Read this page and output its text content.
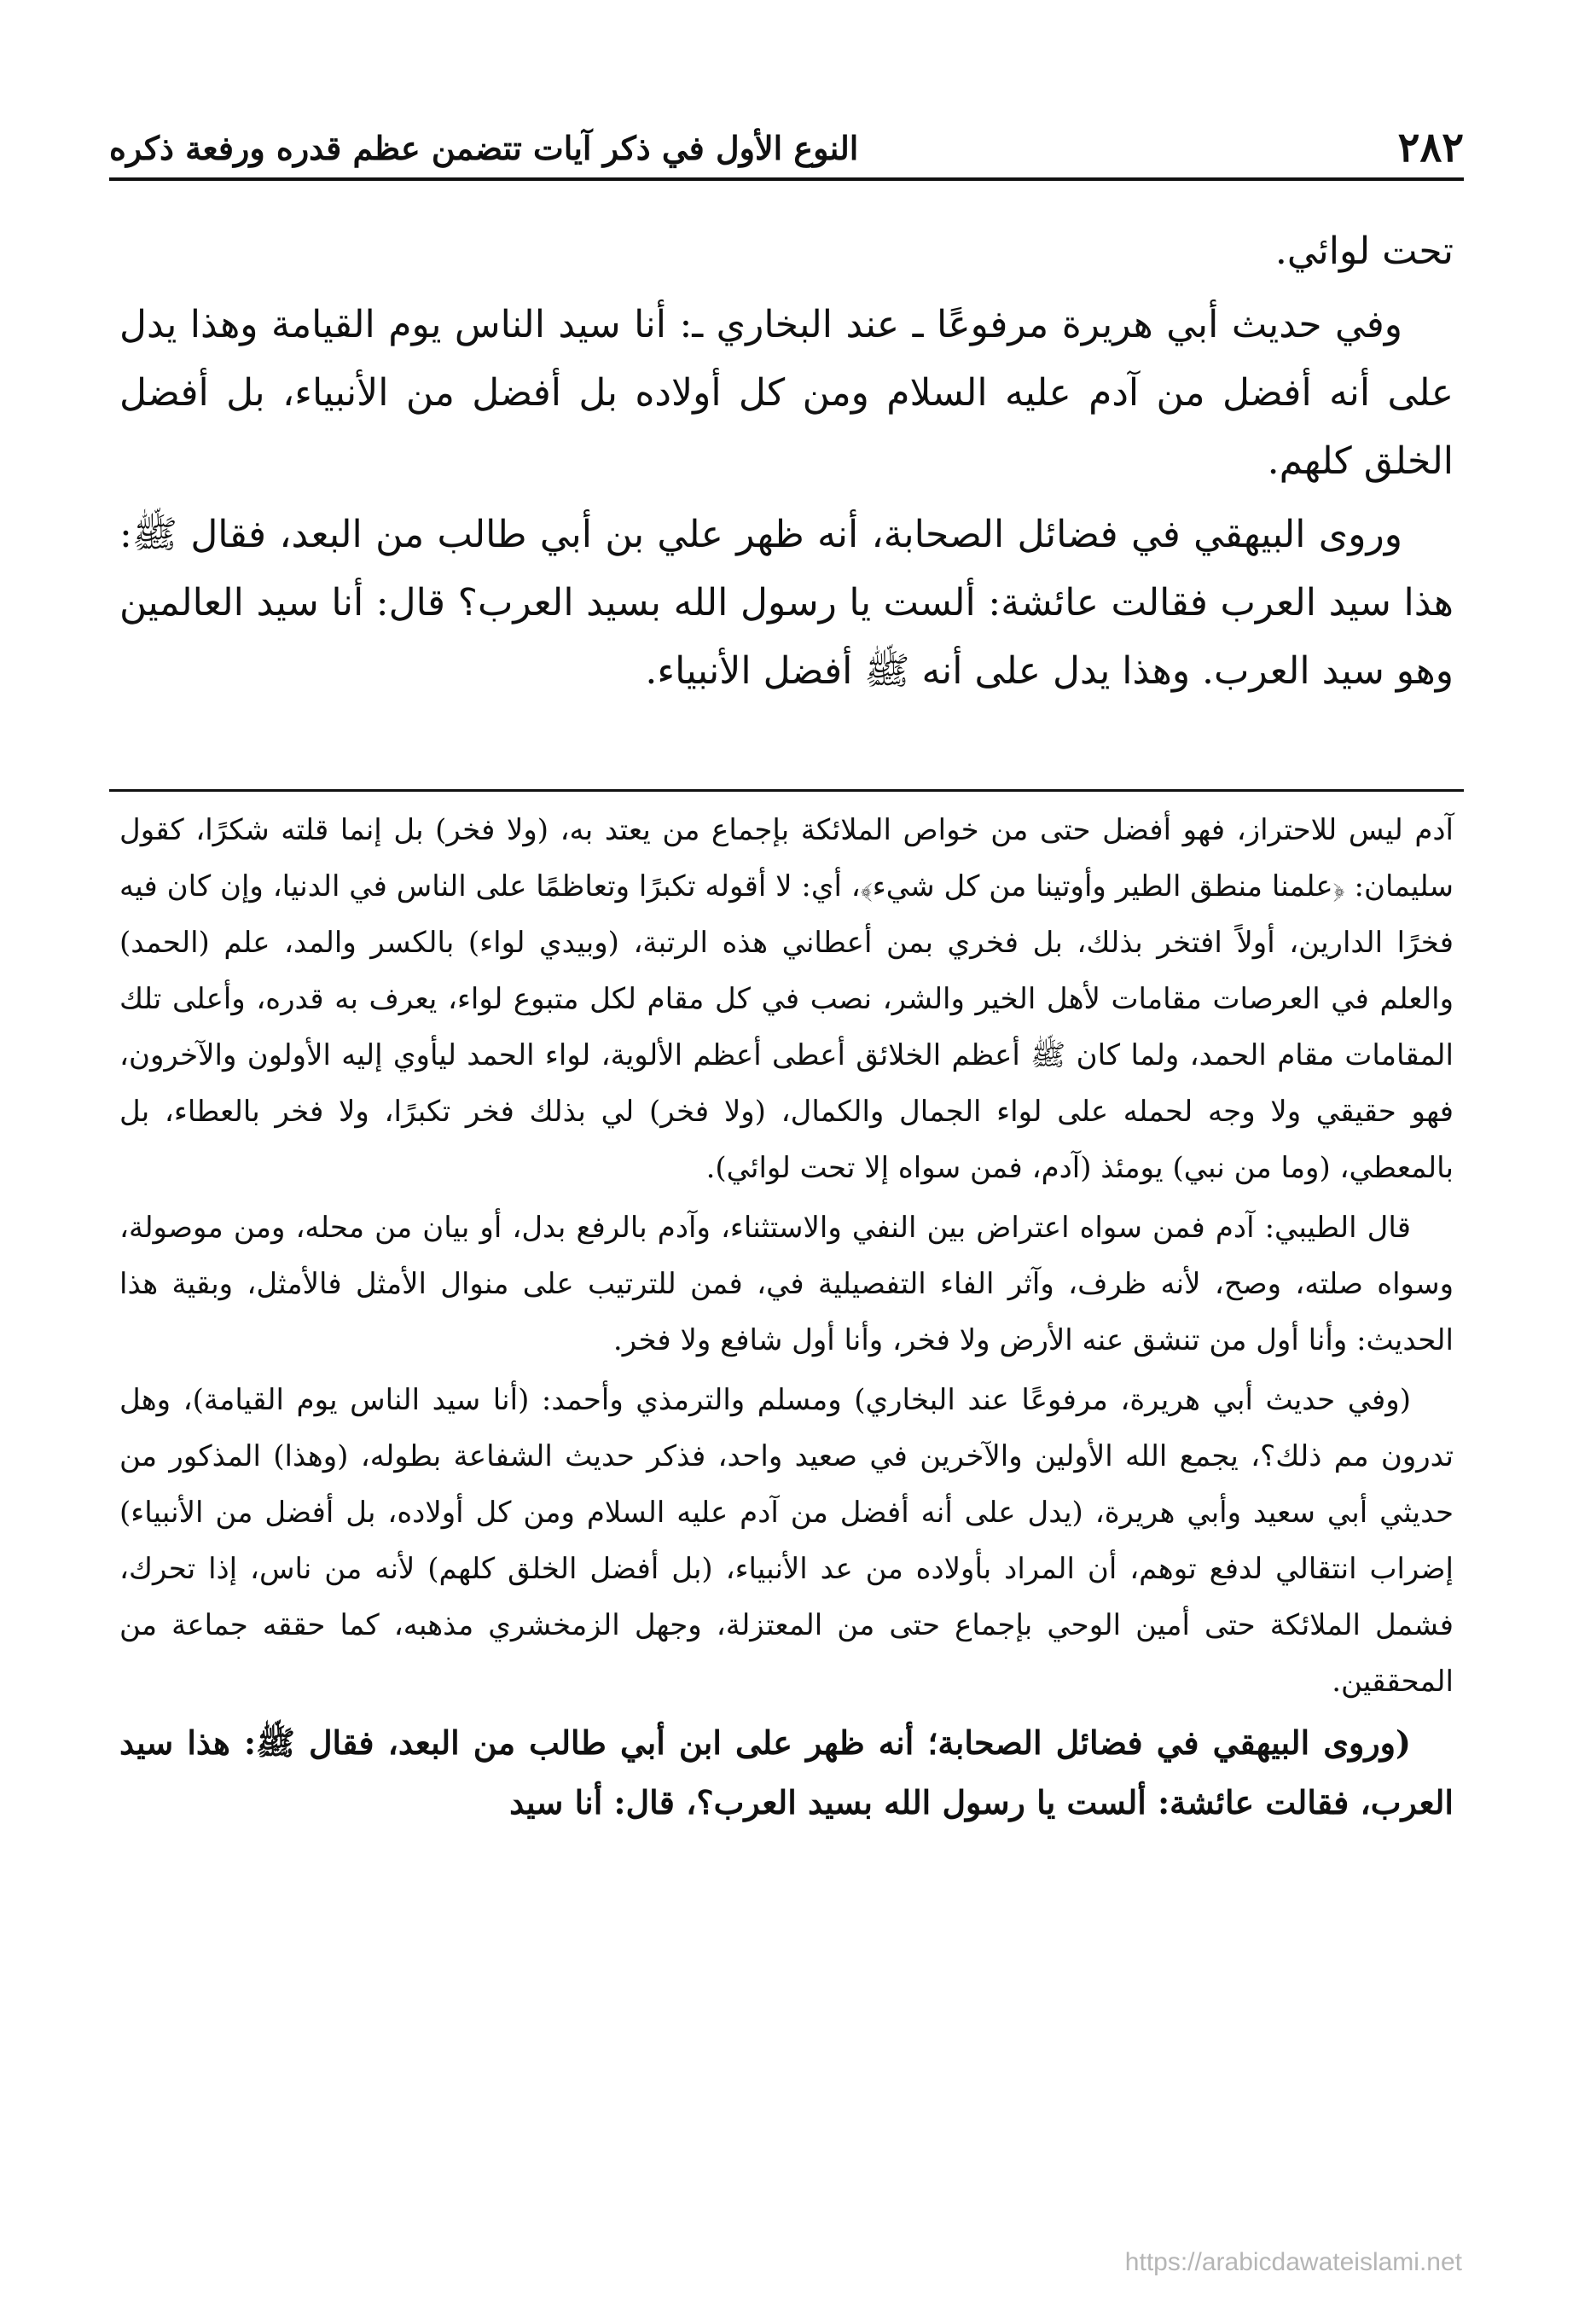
٢٨٢
النوع الأول في ذكر آيات تتضمن عظم قدره ورفعة ذكره

تحت لوائي.

وفي حديث أبي هريرة مرفوعًا ـ عند البخاري ـ: أنا سيد الناس يوم القيامة وهذا يدل على أنه أفضل من آدم عليه السلام ومن كل أولاده بل أفضل من الأنبياء، بل أفضل الخلق كلهم.

وروى البيهقي في فضائل الصحابة، أنه ظهر علي بن أبي طالب من البعد، فقال ﷺ: هذا سيد العرب فقالت عائشة: ألست يا رسول الله بسيد العرب؟ قال: أنا سيد العالمين وهو سيد العرب. وهذا يدل على أنه ﷺ أفضل الأنبياء.

آدم ليس للاحتراز، فهو أفضل حتى من خواص الملائكة بإجماع من يعتد به، (ولا فخر) بل إنما قلته شكرًا، كقول سليمان: ﴿علمنا منطق الطير وأوتينا من كل شيء﴾، أي: لا أقوله تكبرًا وتعاظمًا على الناس في الدنيا، وإن كان فيه فخرًا الدارين، أولاً افتخر بذلك، بل فخري بمن أعطاني هذه الرتبة، (وبيدي لواء) بالكسر والمد، علم (الحمد) والعلم في العرصات مقامات لأهل الخير والشر، نصب في كل مقام لكل متبوع لواء، يعرف به قدره، وأعلى تلك المقامات مقام الحمد، ولما كان ﷺ أعظم الخلائق أعطى أعظم الألوية، لواء الحمد ليأوي إليه الأولون والآخرون، فهو حقيقي ولا وجه لحمله على لواء الجمال والكمال، (ولا فخر) لي بذلك فخر تكبرًا، ولا فخر بالعطاء، بل بالمعطي، (وما من نبي) يومئذ (آدم، فمن سواه إلا تحت لوائي).

قال الطيبي: آدم فمن سواه اعتراض بين النفي والاستثناء، وآدم بالرفع بدل، أو بيان من محله، ومن موصولة، وسواه صلته، وصح، لأنه ظرف، وآثر الفاء التفصيلية في، فمن للترتيب على منوال الأمثل فالأمثل، وبقية هذا الحديث: وأنا أول من تنشق عنه الأرض ولا فخر، وأنا أول شافع ولا فخر.

(وفي حديث أبي هريرة، مرفوعًا عند البخاري) ومسلم والترمذي وأحمد: (أنا سيد الناس يوم القيامة)، وهل تدرون مم ذلك؟، يجمع الله الأولين والآخرين في صعيد واحد، فذكر حديث الشفاعة بطوله، (وهذا) المذكور من حديثي أبي سعيد وأبي هريرة، (يدل على أنه أفضل من آدم عليه السلام ومن كل أولاده، بل أفضل من الأنبياء) إضراب انتقالي لدفع توهم، أن المراد بأولاده من عد الأنبياء، (بل أفضل الخلق كلهم) لأنه من ناس، إذا تحرك، فشمل الملائكة حتى أمين الوحي بإجماع حتى من المعتزلة، وجهل الزمخشري مذهبه، كما حققه جماعة من المحققين.

(وروى البيهقي في فضائل الصحابة؛ أنه ظهر على ابن أبي طالب من البعد، فقال ﷺ: هذا سيد العرب، فقالت عائشة: ألست يا رسول الله بسيد العرب؟، قال: أنا سيد

https://arabicdawateislami.net
